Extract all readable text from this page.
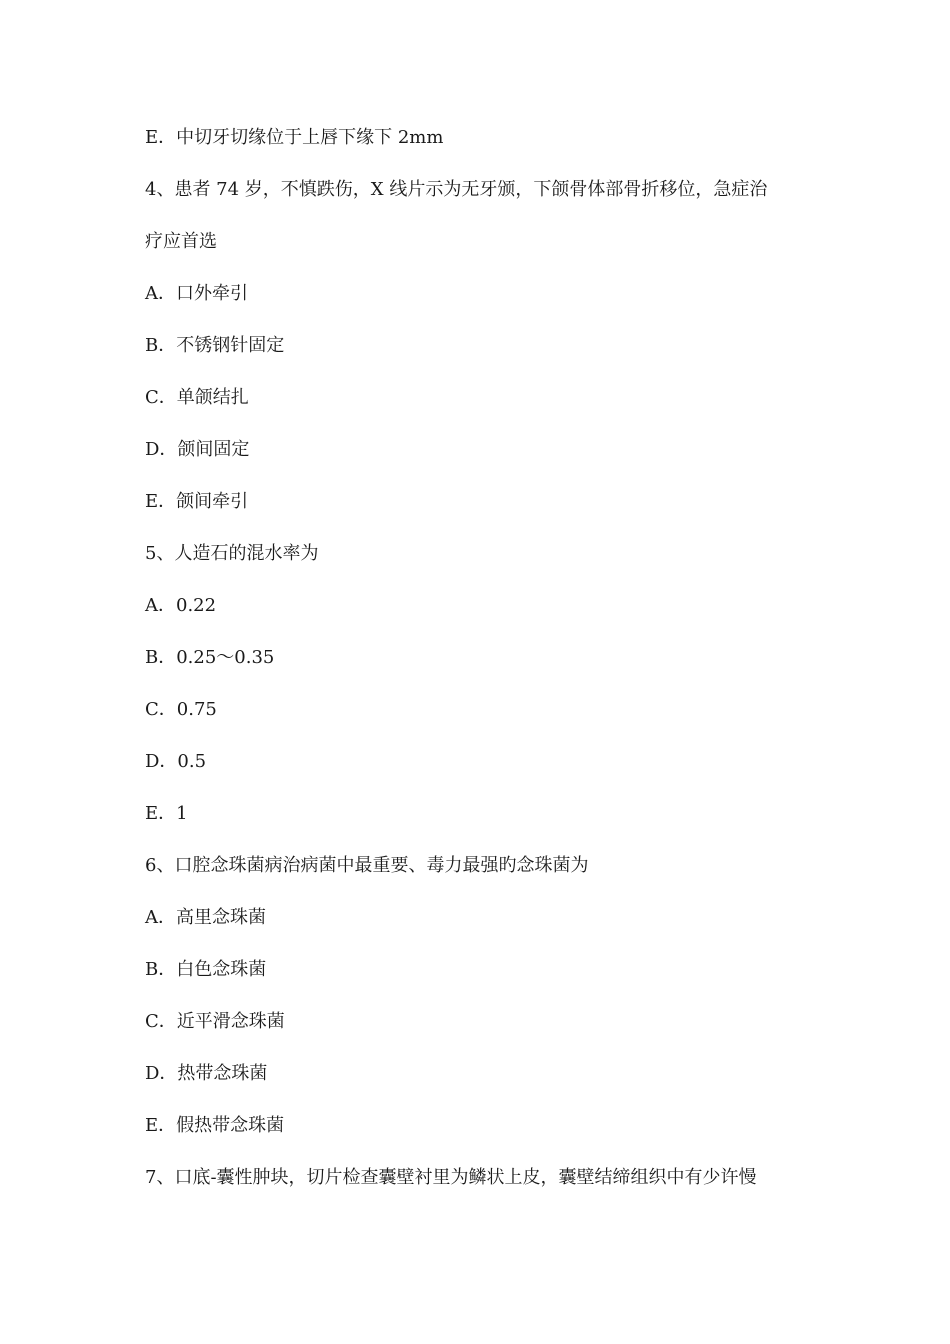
E．中切牙切缘位于上唇下缘下 2mm
4、患者 74 岁，不慎跌伤，X 线片示为无牙颁，下颌骨体部骨折移位，急症治
疗应首选
A．口外牵引
B．不锈钢针固定
C．单颌结扎
D．颌间固定
E．颌间牵引
5、人造石的混水率为
A．0.22
B．0.25～0.35
C．0.75
D．0.5
E．1
6、口腔念珠菌病治病菌中最重要、毒力最强旳念珠菌为
A．高里念珠菌
B．白色念珠菌
C．近平滑念珠菌
D．热带念珠菌
E．假热带念珠菌
7、口底-囊性肿块，切片检查囊壁衬里为鳞状上皮，囊壁结缔组织中有少许慢
